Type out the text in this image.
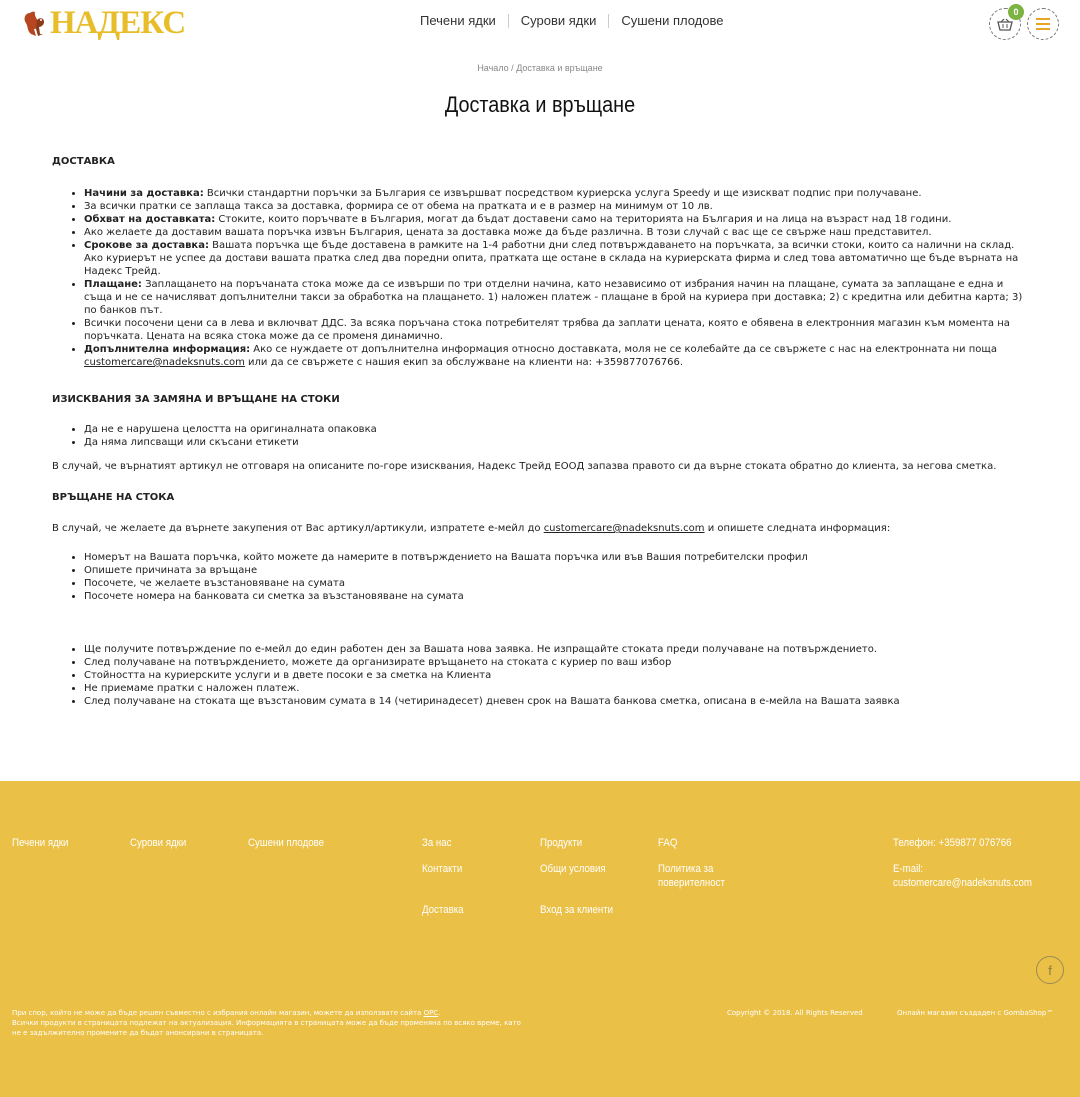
НАДЕКС	Печени ядки	Сурови ядки	Сушени плодове
0
Начало / Доставка и връщане
Доставка и връщане
ДОСТАВКА
• Начини за доставка: Всички стандартни поръчки за България се извършват посредством куриерска услуга Speedy и ще изискват подпис при получаване.
• За всички пратки се заплаща такса за доставка, формира се от обема на пратката и е в размер на минимум от 10 лв.
• Обхват на доставката: Стоките, които поръчвате в България, могат да бъдат доставени само на територията на България и на лица на възраст над 18 години.
• Ако желаете да доставим вашата поръчка извън България, цената за доставка може да бъде различна. В този случай с вас ще се свърже наш представител.
• Срокове за доставка: Вашата поръчка ще бъде доставена в рамките на 1-4 работни дни след потвърждаването на поръчката, за всички стоки, които са налични на склад. Ако куриерът не успее да достави вашата пратка след два поредни опита, пратката ще остане в склада на куриерската фирма и след това автоматично ще бъде върната на Надекс Трейд.
• Плащане: Заплащането на поръчаната стока може да се извърши по три отделни начина, като независимо от избрания начин на плащане, сумата за заплащане е една и съща и не се начисляват допълнителни такси за обработка на плащането. 1) наложен платеж - плащане в брой на куриера при доставка; 2) с кредитна или дебитна карта; 3) по банков път.
• Всички посочени цени са в лева и включват ДДС. За всяка поръчана стока потребителят трябва да заплати цената, която е обявена в електронния магазин към момента на поръчката. Цената на всяка стока може да се променя динамично.
• Допълнителна информация: Ако се нуждаете от допълнителна информация относно доставката, моля не се колебайте да се свържете с нас на електронната ни поща customercare@nadeksnuts.com или да се свържете с нашия екип за обслужване на клиенти на: +359877076766.
ИЗИСКВАНИЯ ЗА ЗАМЯНА И ВРЪЩАНЕ НА СТОКИ
• Да не е нарушена целостта на оригиналната опаковка
• Да няма липсващи или скъсани етикети

В случай, че върнатият артикул не отговаря на описаните по-горе изисквания, Надекс Трейд ЕООД запазва правото си да върне стоката обратно до клиента, за негова сметка.

ВРЪЩАНЕ НА СТОКА

В случай, че желаете да върнете закупения от Вас артикул/артикули, изпратете е-мейл до customercare@nadeksnuts.com и опишете следната информация:

• Номерът на Вашата поръчка, който можете да намерите в потвърждението на Вашата поръчка или във Вашия потребителски профил
• Опишете причината за връщане
• Посочете, че желаете възстановяване на сумата
• Посочете номера на банковата си сметка за възстановяване на сумата
• Ще получите потвърждение по е-мейл до един работен ден за Вашата нова заявка. Не изпращайте стоката преди получаване на потвърждението.
• След получаване на потвърждението, можете да организирате връщането на стоката с куриер по ваш избор
• Стойността на куриерските услуги и в двете посоки е за сметка на Клиента
• Не приемаме пратки с наложен платеж.
• След получаване на стоката ще възстановим сумата в 14 (четиринадесет) дневен срок на Вашата банкова сметка, описана в е-мейла на Вашата заявка
Печени ядки	Сурови ядки	Сушени плодове	За нас
Контакти
Доставка
Продукти
Общи условия
Вход за клиенти
FAQ
Политика за поверителност
Телефон: +359877 076766
E-mail: customercare@nadeksnuts.com
f
При спор, който не може да бъде решен съвместно с избрания онлайн магазин, можете да използвате сайта ОРС.
Всички продукти в страницата подлежат на актуализация. Информацията в страницата може да бъде променяна по всяко време, като не е задължително промените да бъдат анонсирани в страницата.
Copyright © 2018. All Rights Reserved	Онлайн магазин създаден с GombaShop™
